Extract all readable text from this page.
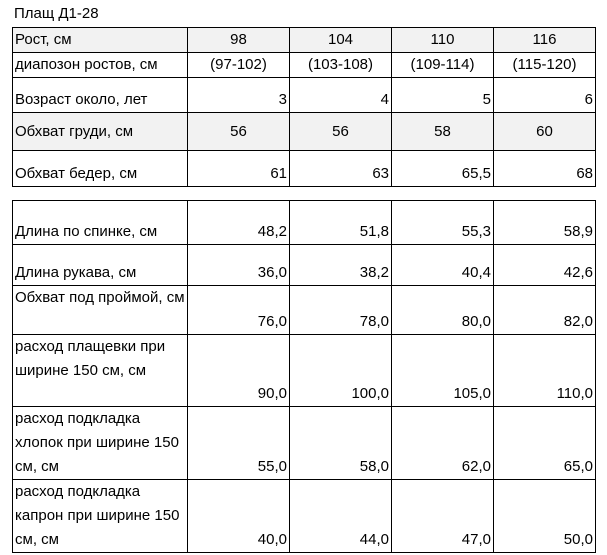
Плащ Д1-28
Рост, см	98	104	110	116
диапозон ростов, см	(97-102)	(103-108)	(109-114)	(115-120)
Возраст около, лет	3	4	5	6
Обхват груди, см	56	56	58	60
Обхват бедер, см	61	63	65,5	68
Длина по спинке, см	48,2	51,8	55,3	58,9
Длина рукава, см	36,0	38,2	40,4	42,6
Обхват под проймой, см	76,0	78,0	80,0	82,0
расход плащевки при ширине 150 см, см	90,0	100,0	105,0	110,0
расход подкладка хлопок при ширине 150 см, см	55,0	58,0	62,0	65,0
расход подкладка капрон при ширине 150 см, см	40,0	44,0	47,0	50,0
